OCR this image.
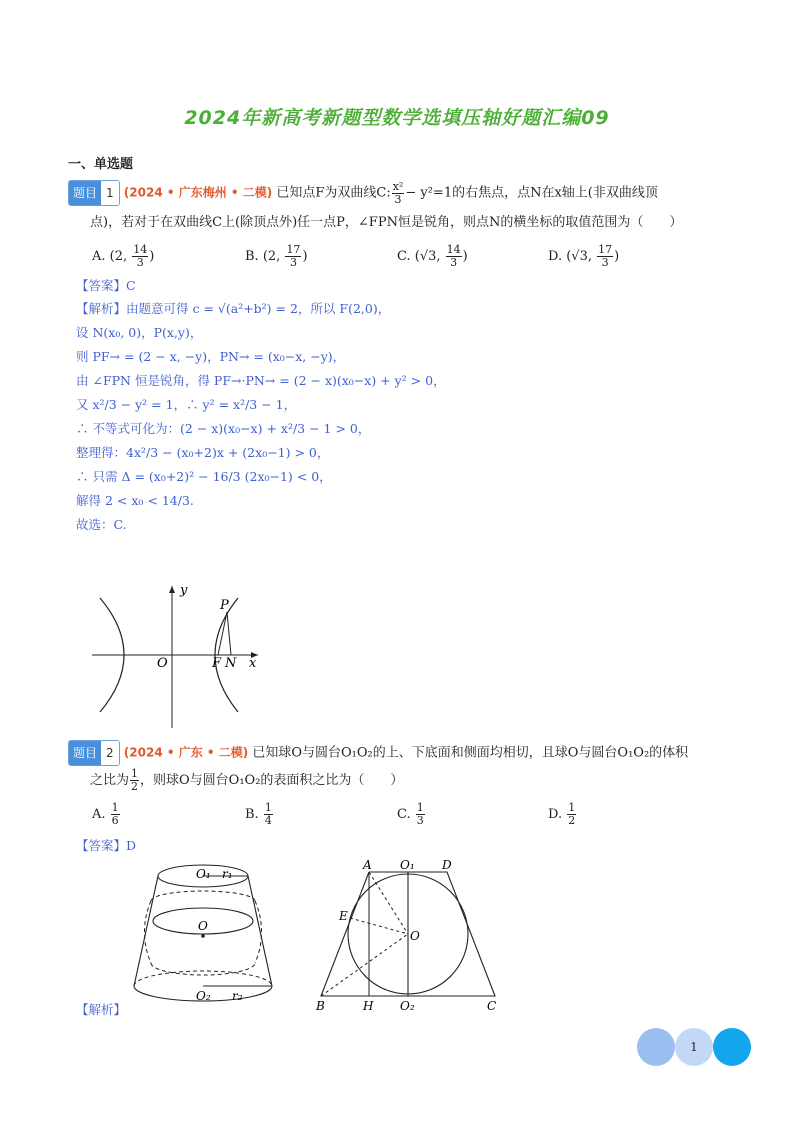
2024年新高考新题型数学选填压轴好题汇编09
一、单选题
题目 1 (2024 • 广东梅州 • 二模) 已知点F为双曲线C: $\frac{\text{x²}}{3} - y^2=1$的右焦点，点N在x轴上(非双曲线顶
点)，若对于在双曲线C上(除顶点外)任一点P，∠FPN恒是锐角，则点N的横坐标的取值范围为（　　）
A. (2, $\frac{14}{3}$ )	B. (2, $\frac{17}{3}$ )	C. (√3, $\frac{14}{3}$ )	D. (√3, $\frac{17}{3}$ )
【答案】C
【解析】由题意可得 c = √(a²+b²) = 2，所以 F(2,0)，
设 N(x₀, 0)，P(x,y)，
则 PF→ = (2 − x, −y)，PN→ = (x₀−x, −y)，
由 ∠FPN 恒是锐角，得 PF→·PN→ = (2 − x)(x₀−x) + y² > 0，
又 x²/3 − y² = 1，∴ y² = x²/3 − 1，
∴ 不等式可化为：(2 − x)(x₀−x) + x²/3 − 1 > 0，
整理得：4x²/3 − (x₀+2)x + (2x₀−1) > 0，
∴ 只需 Δ = (x₀+2)² − 16/3 (2x₀−1) < 0，
解得 2 < x₀ < 14/3.
故选：C.
y
x
O
P
F N
题目 2 (2024 • 广东 • 二模) 已知球O与圆台O₁O₂的上、下底面和侧面均相切，且球O与圆台O₁O₂的体积
之比为 $\frac{1}{2}$ ，则球O与圆台O₁O₂的表面积之比为（　　）
A. $\frac{1}{6}$	B. $\frac{1}{4}$	C. $\frac{1}{3}$	D. $\frac{1}{2}$
【答案】D
【解析】
O₁ r₁
O
O₂ r₂
A O₁ D
E
O
B	H O₂	C
1
